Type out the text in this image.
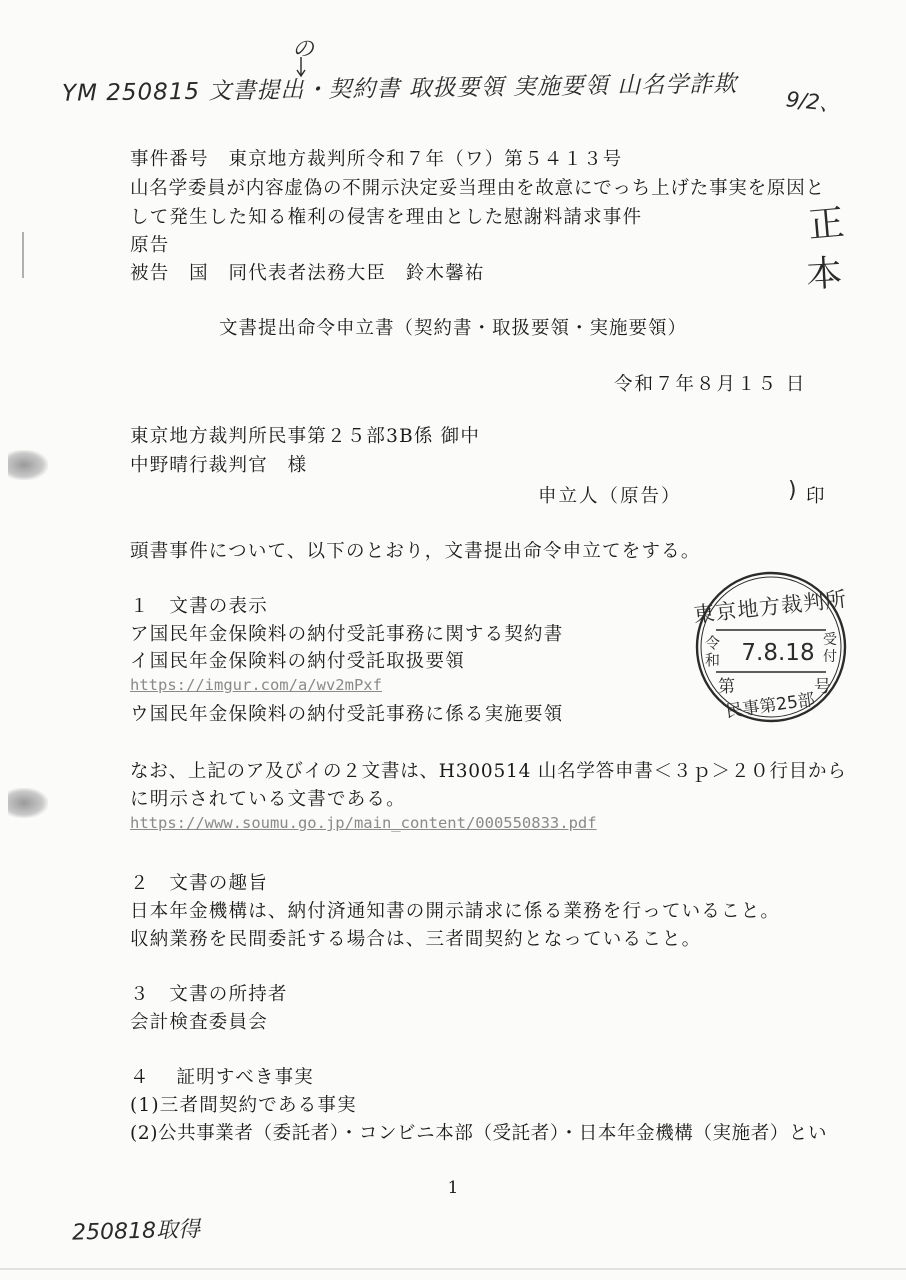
YM 250815 文書提出・契約書 取扱要領 実施要領 山名学詐欺
の
9/2、
正
本
事件番号　東京地方裁判所令和７年（ワ）第５４１３号
山名学委員が内容虚偽の不開示決定妥当理由を故意にでっち上げた事実を原因と
して発生した知る権利の侵害を理由とした慰謝料請求事件
原告
被告　国　同代表者法務大臣　鈴木馨祐
文書提出命令申立書（契約書・取扱要領・実施要領）
令和７年８月１５ 日
東京地方裁判所民事第２５部3B係 御中
中野晴行裁判官　様
申立人（原告）	) 印
頭書事件について、以下のとおり，文書提出命令申立てをする。
１　文書の表示
ア国民年金保険料の納付受託事務に関する契約書
イ国民年金保険料の納付受託取扱要領
https://imgur.com/a/wv2mPxf
ウ国民年金保険料の納付受託事務に係る実施要領
なお、上記のア及びイの２文書は、H300514 山名学答申書＜３ｐ＞２０行目から
に明示されている文書である。
https://www.soumu.go.jp/main_content/000550833.pdf
２　文書の趣旨
日本年金機構は、納付済通知書の開示請求に係る業務を行っていること。
収納業務を民間委託する場合は、三者間契約となっていること。
３　文書の所持者
会計検査委員会
４　 証明すべき事実
(1)三者間契約である事実
(2)公共事業者（委託者）・コンビニ本部（受託者）・日本年金機構（実施者）とい
1
250818取得
東京地方裁判所
令
和 7.8.18 受
付
第	号
民事第25部
